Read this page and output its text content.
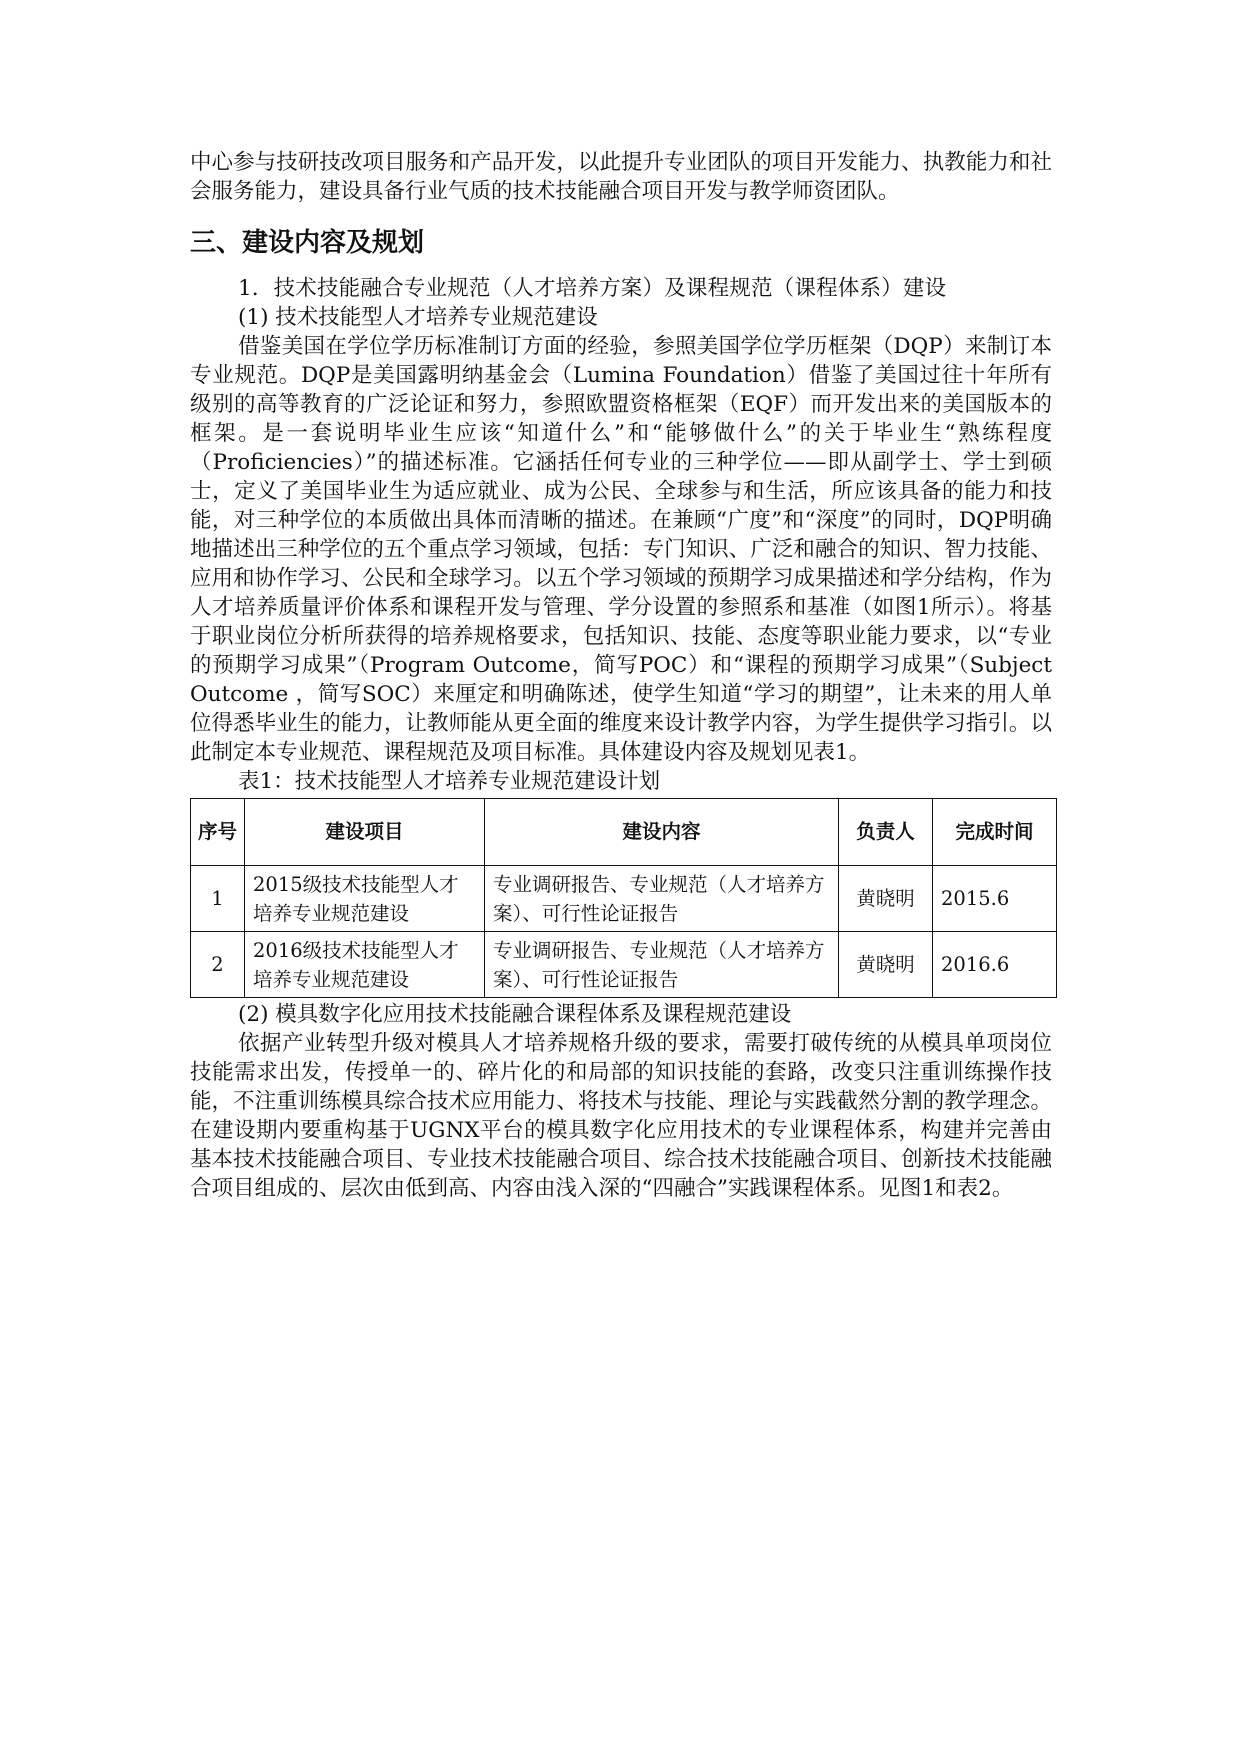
中心参与技研技改项目服务和产品开发，以此提升专业团队的项目开发能力、执教能力和社会服务能力，建设具备行业气质的技术技能融合项目开发与教学师资团队。

三、建设内容及规划

1．技术技能融合专业规范（人才培养方案）及课程规范（课程体系）建设

(1) 技术技能型人才培养专业规范建设

借鉴美国在学位学历标准制订方面的经验，参照美国学位学历框架（DQP）来制订本专业规范。DQP是美国露明纳基金会（Lumina Foundation）借鉴了美国过往十年所有级别的高等教育的广泛论证和努力，参照欧盟资格框架（EQF）而开发出来的美国版本的框架。是一套说明毕业生应该“知道什么”和“能够做什么”的关于毕业生“熟练程度（Proficiencies）”的描述标准。它涵括任何专业的三种学位——即从副学士、学士到硕士，定义了美国毕业生为适应就业、成为公民、全球参与和生活，所应该具备的能力和技能，对三种学位的本质做出具体而清晰的描述。在兼顾“广度”和“深度”的同时，DQP明确地描述出三种学位的五个重点学习领域，包括：专门知识、广泛和融合的知识、智力技能、应用和协作学习、公民和全球学习。以五个学习领域的预期学习成果描述和学分结构，作为人才培养质量评价体系和课程开发与管理、学分设置的参照系和基准（如图1所示）。将基于职业岗位分析所获得的培养规格要求，包括知识、技能、态度等职业能力要求，以“专业的预期学习成果”（Program Outcome，简写POC）和“课程的预期学习成果”（Subject Outcome ，简写SOC）来厘定和明确陈述，使学生知道“学习的期望”，让未来的用人单位得悉毕业生的能力，让教师能从更全面的维度来设计教学内容，为学生提供学习指引。以此制定本专业规范、课程规范及项目标准。具体建设内容及规划见表1。

表1：技术技能型人才培养专业规范建设计划

序号	建设项目	建设内容	负责人	完成时间
1	2015级技术技能型人才培养专业规范建设	专业调研报告、专业规范（人才培养方案）、可行性论证报告	黄晓明	2015.6
2	2016级技术技能型人才培养专业规范建设	专业调研报告、专业规范（人才培养方案）、可行性论证报告	黄晓明	2016.6

(2) 模具数字化应用技术技能融合课程体系及课程规范建设

依据产业转型升级对模具人才培养规格升级的要求，需要打破传统的从模具单项岗位技能需求出发，传授单一的、碎片化的和局部的知识技能的套路，改变只注重训练操作技能，不注重训练模具综合技术应用能力、将技术与技能、理论与实践截然分割的教学理念。在建设期内要重构基于UGNX平台的模具数字化应用技术的专业课程体系，构建并完善由基本技术技能融合项目、专业技术技能融合项目、综合技术技能融合项目、创新技术技能融合项目组成的、层次由低到高、内容由浅入深的“四融合”实践课程体系。见图1和表2。
